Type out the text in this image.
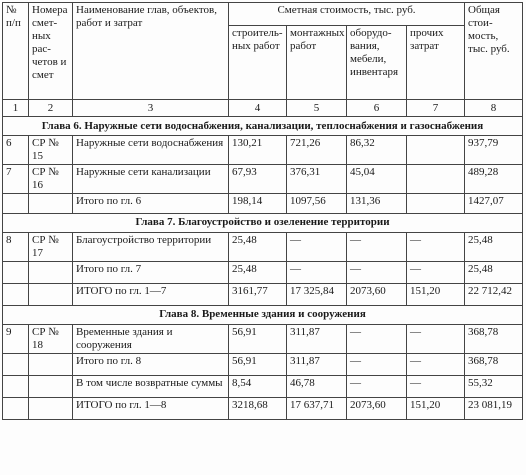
№ п/п	Номера смет-ных рас-четов и смет	Наименование глав, объектов, работ и затрат	Сметная стоимость, тыс. руб.				Общая стои-мость, тыс. руб.
			строитель-ных работ	монтажных работ	оборудо-вания, мебели, инвентаря	прочих затрат	
1	2	3	4	5	6	7	8
Глава 6. Наружные сети водоснабжения, канализации, теплоснабжения и газоснабжения							
6	СР № 15	Наружные сети водоснабжения	130,21	721,26	86,32		937,79
7	СР № 16	Наружные сети канализации	67,93	376,31	45,04		489,28
		Итого по гл. 6	198,14	1097,56	131,36		1427,07
Глава 7. Благоустройство и озеленение территории							
8	СР № 17	Благоустройство территории	25,48	—	—	—	25,48
		Итого по гл. 7	25,48	—	—	—	25,48
		ИТОГО по гл. 1—7	3161,77	17 325,84	2073,60	151,20	22 712,42
Глава 8. Временные здания и сооружения							
9	СР № 18	Временные здания и сооружения	56,91	311,87	—	—	368,78
		Итого по гл. 8	56,91	311,87	—	—	368,78
		В том числе возвратные суммы	8,54	46,78	—	—	55,32
		ИТОГО по гл. 1—8	3218,68	17 637,71	2073,60	151,20	23 081,19
